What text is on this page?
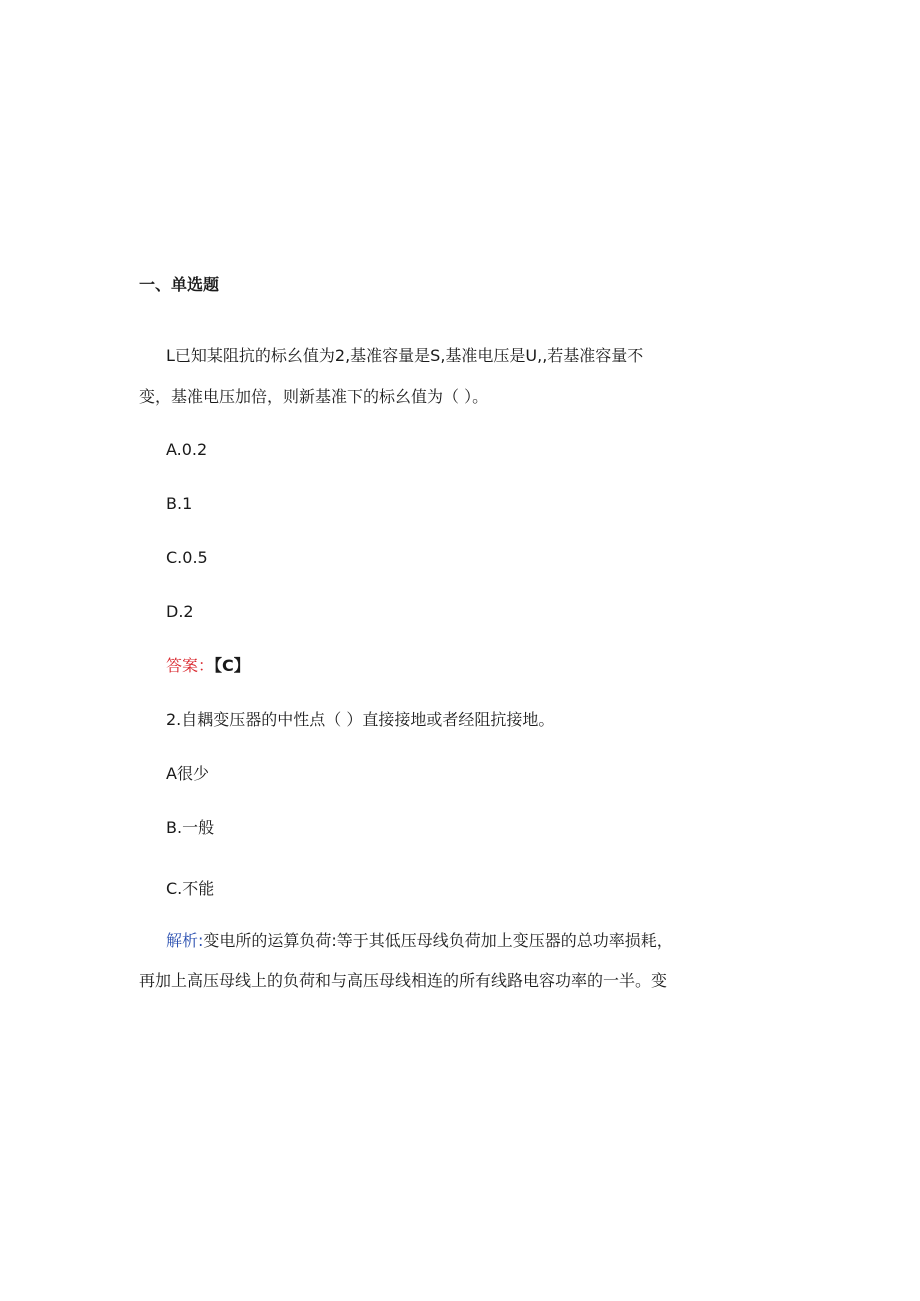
一、单选题
L已知某阻抗的标幺值为2,基准容量是S,基准电压是U,,若基准容量不
变，基准电压加倍，则新基准下的标幺值为（ ）。
A.0.2
B.1
C.0.5
D.2
答案：【C】
2.自耦变压器的中性点（ ）直接接地或者经阻抗接地。
A很少
B.一般
C.不能
解析:变电所的运算负荷:等于其低压母线负荷加上变压器的总功率损耗，
再加上高压母线上的负荷和与高压母线相连的所有线路电容功率的一半。变
